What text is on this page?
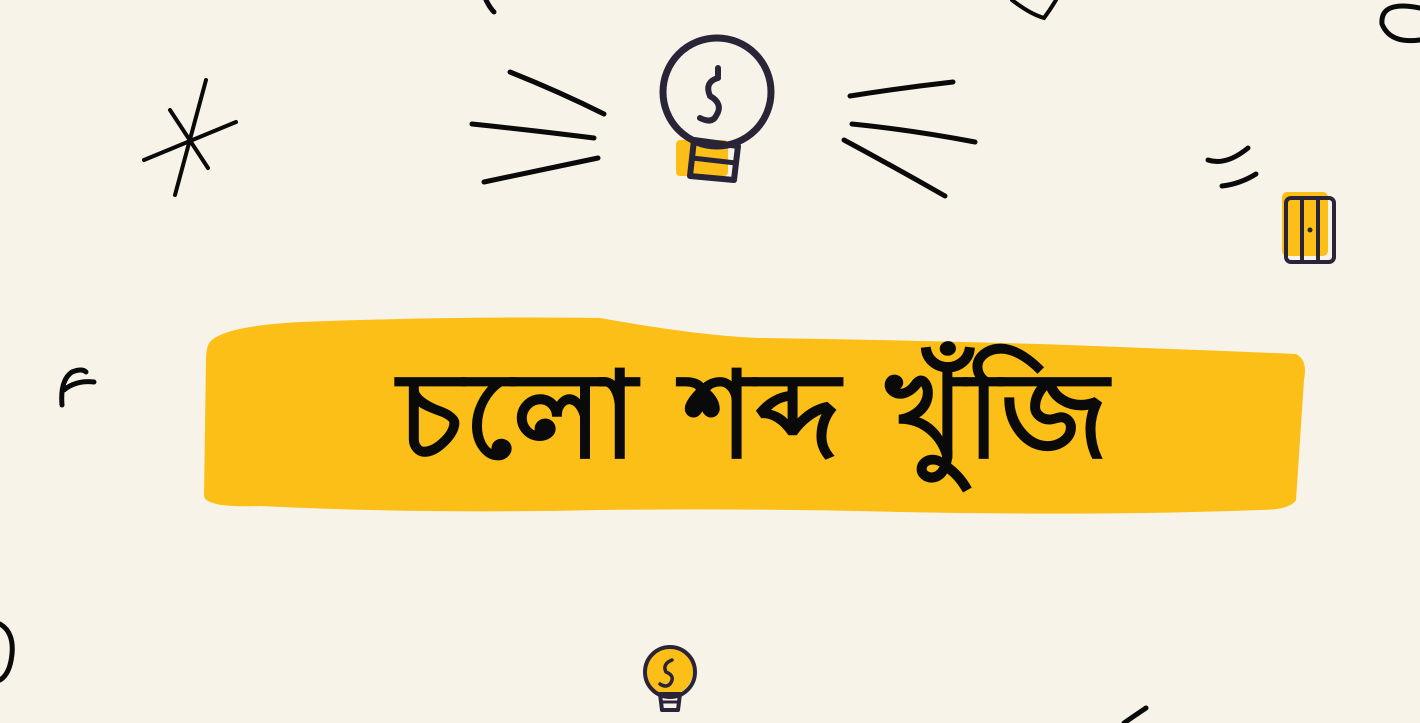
চলো শব্দ খুঁজি
